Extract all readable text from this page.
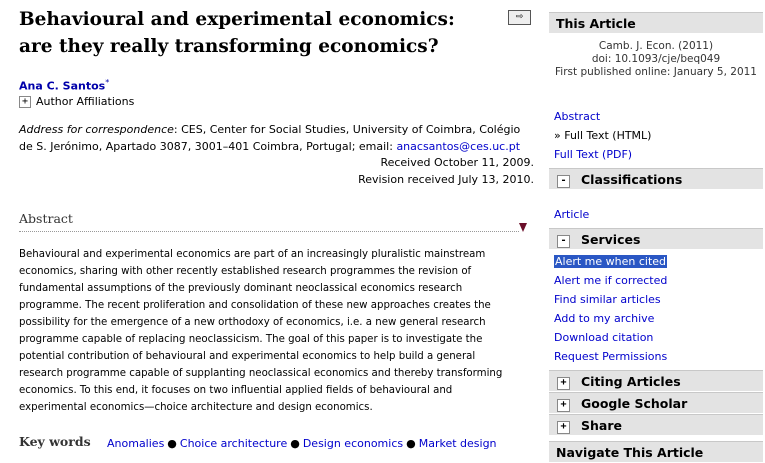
Behavioural and experimental economics: are they really transforming economics?
⇨
Ana C. Santos*
+ Author Affiliations
Address for correspondence: CES, Center for Social Studies, University of Coimbra, Colégio de S. Jerónimo, Apartado 3087, 3001–401 Coimbra, Portugal; email: anacsantos@ces.uc.pt
Received October 11, 2009.
Revision received July 13, 2010.
Abstract
Behavioural and experimental economics are part of an increasingly pluralistic mainstream economics, sharing with other recently established research programmes the revision of fundamental assumptions of the previously dominant neoclassical economics research programme. The recent proliferation and consolidation of these new approaches creates the possibility for the emergence of a new orthodoxy of economics, i.e. a new general research programme capable of replacing neoclassicism. The goal of this paper is to investigate the potential contribution of behavioural and experimental economics to help build a general research programme capable of supplanting neoclassical economics and thereby transforming economics. To this end, it focuses on two influential applied fields of behavioural and experimental economics—choice architecture and design economics.
Key words Anomalies ● Choice architecture ● Design economics ● Market design
This Article
Camb. J. Econ. (2011)
doi: 10.1093/cje/beq049
First published online: January 5, 2011
Abstract
» Full Text (HTML)
Full Text (PDF)
- Classifications
Article
- Services
Alert me when cited
Alert me if corrected
Find similar articles
Add to my archive
Download citation
Request Permissions
+ Citing Articles
+ Google Scholar
+ Share
Navigate This Article
